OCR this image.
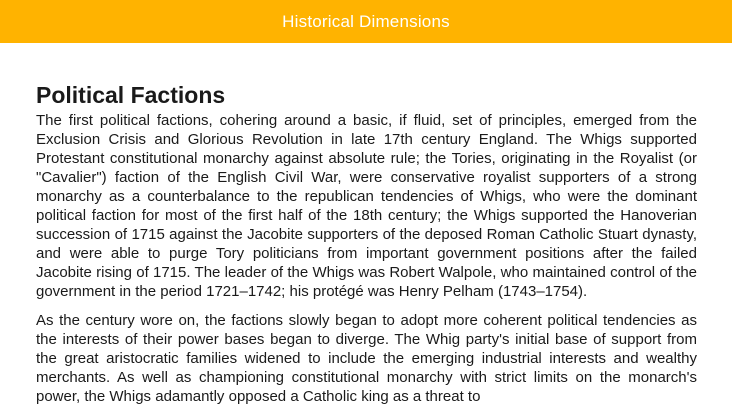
Historical Dimensions
Political Factions

The first political factions, cohering around a basic, if fluid, set of principles, emerged from the Exclusion Crisis and Glorious Revolution in late 17th century England. The Whigs supported Protestant constitutional monarchy against absolute rule; the Tories, originating in the Royalist (or "Cavalier") faction of the English Civil War, were conservative royalist supporters of a strong monarchy as a counterbalance to the republican tendencies of Whigs, who were the dominant political faction for most of the first half of the 18th century; the Whigs supported the Hanoverian succession of 1715 against the Jacobite supporters of the deposed Roman Catholic Stuart dynasty, and were able to purge Tory politicians from important government positions after the failed Jacobite rising of 1715. The leader of the Whigs was Robert Walpole, who maintained control of the government in the period 1721–1742; his protégé was Henry Pelham (1743–1754).

As the century wore on, the factions slowly began to adopt more coherent political tendencies as the interests of their power bases began to diverge. The Whig party's initial base of support from the great aristocratic families widened to include the emerging industrial interests and wealthy merchants. As well as championing constitutional monarchy with strict limits on the monarch's power, the Whigs adamantly opposed a Catholic king as a threat to
